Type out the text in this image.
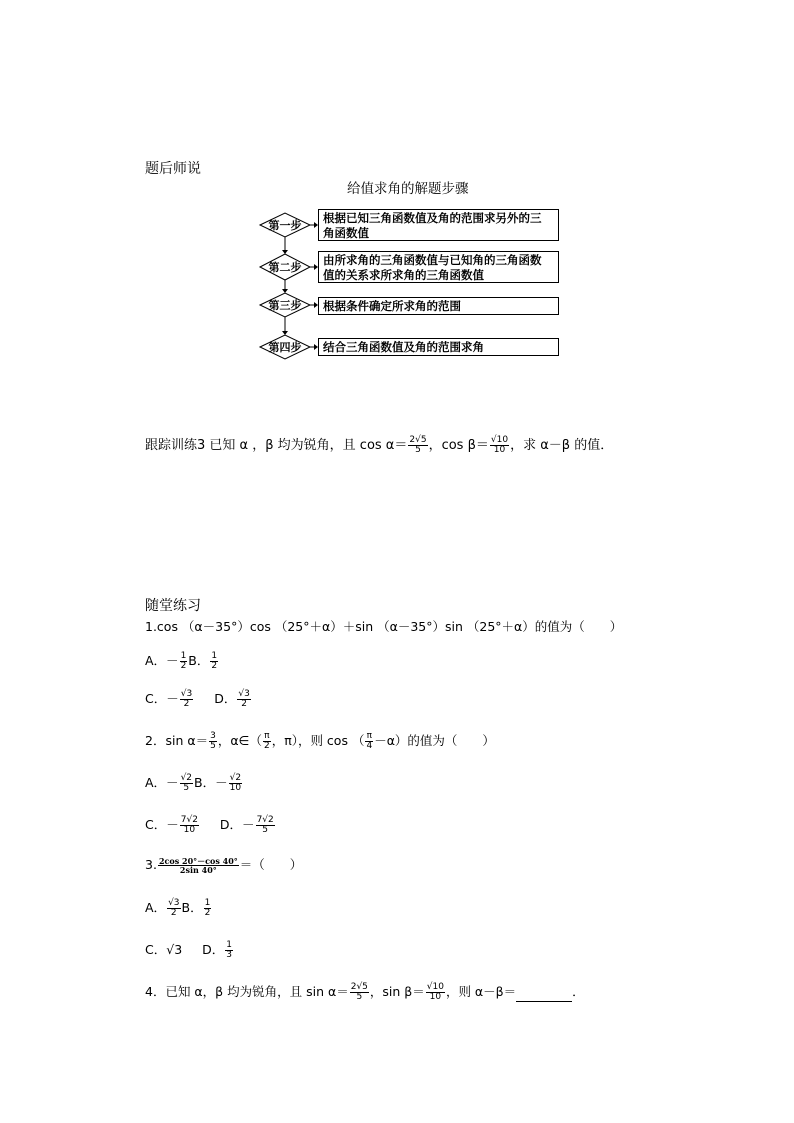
题后师说
给值求角的解题步骤
第一步
第二步
第三步
第四步
根据已知三角函数值及角的范围求另外的三
角函数值
由所求角的三角函数值与已知角的三角函数
值的关系求所求角的三角函数值
根据条件确定所求角的范围
结合三角函数值及角的范围求角
跟踪训练3 已知 α ，β 均为锐角，且 $\cos \alpha= \frac{2√5}{5}$ ，$\cos \beta= \frac{√10}{10}$ ，求 α－β 的值．
随堂练习
1.cos （α－35°）cos （25°＋α）＋sin （α－35°）sin （25°＋α）的值为（　　）
A．－ $\frac{1}{2}$ B． $\frac{1}{2}$
C．－ $\frac{√3}{2}$ D． $\frac{√3}{2}$
2．$\sin \alpha= \frac{3}{5}$ ，α∈（ $\frac{\pi}{2}$ ，π），则 cos （ $\frac{\pi}{4} -\alpha$）的值为（　　）
A．－ $\frac{√2}{5}$ B．－ $\frac{√2}{10}$
C．－ $\frac{7√2}{10}$ D．－ $\frac{7√2}{5}$
3. $\frac{2\cos 20^\circ-\cos 40^\circ}{2\sin 40^\circ}$ ＝（　　）
A． $\frac{√3}{2}$ B． $\frac{1}{2}$
C．√3 D． $\frac{1}{3}$
4．已知 α，β 均为锐角，且 $\sin \alpha= \frac{2√5}{5}$ ，$\sin \beta= \frac{√10}{10}$ ，则 α－β＝	．
